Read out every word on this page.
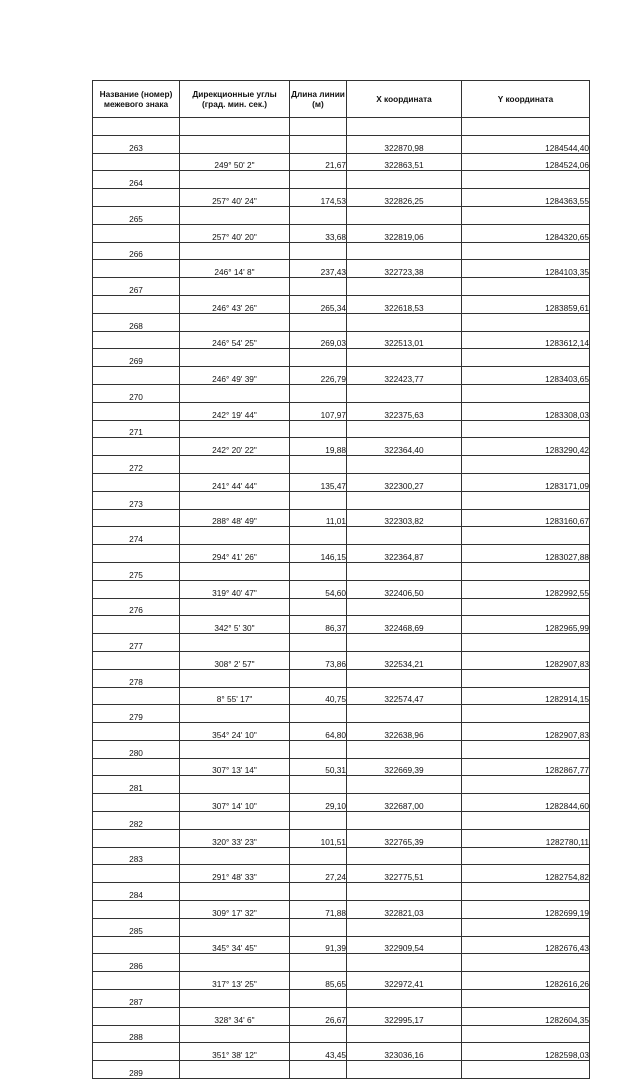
Название (номер) межевого знака	Дирекционные углы (град. мин. сек.)	Длина линии (м)	X координата	Y координата

263			322870,98	1284544,40
	249° 50' 2"	21,67	322863,51	1284524,06
264				
	257° 40' 24"	174,53	322826,25	1284363,55
265				
	257° 40' 20"	33,68	322819,06	1284320,65
266				
	246° 14' 8"	237,43	322723,38	1284103,35
267				
	246° 43' 26"	265,34	322618,53	1283859,61
268				
	246° 54' 25"	269,03	322513,01	1283612,14
269				
	246° 49' 39"	226,79	322423,77	1283403,65
270				
	242° 19' 44"	107,97	322375,63	1283308,03
271				
	242° 20' 22"	19,88	322364,40	1283290,42
272				
	241° 44' 44"	135,47	322300,27	1283171,09
273				
	288° 48' 49"	11,01	322303,82	1283160,67
274				
	294° 41' 26"	146,15	322364,87	1283027,88
275				
	319° 40' 47"	54,60	322406,50	1282992,55
276				
	342° 5' 30"	86,37	322468,69	1282965,99
277				
	308° 2' 57"	73,86	322534,21	1282907,83
278				
	8° 55' 17"	40,75	322574,47	1282914,15
279				
	354° 24' 10"	64,80	322638,96	1282907,83
280				
	307° 13' 14"	50,31	322669,39	1282867,77
281				
	307° 14' 10"	29,10	322687,00	1282844,60
282				
	320° 33' 23"	101,51	322765,39	1282780,11
283				
	291° 48' 33"	27,24	322775,51	1282754,82
284				
	309° 17' 32"	71,88	322821,03	1282699,19
285				
	345° 34' 45"	91,39	322909,54	1282676,43
286				
	317° 13' 25"	85,65	322972,41	1282616,26
287				
	328° 34' 6"	26,67	322995,17	1282604,35
288				
	351° 38' 12"	43,45	323036,16	1282598,03
289				
